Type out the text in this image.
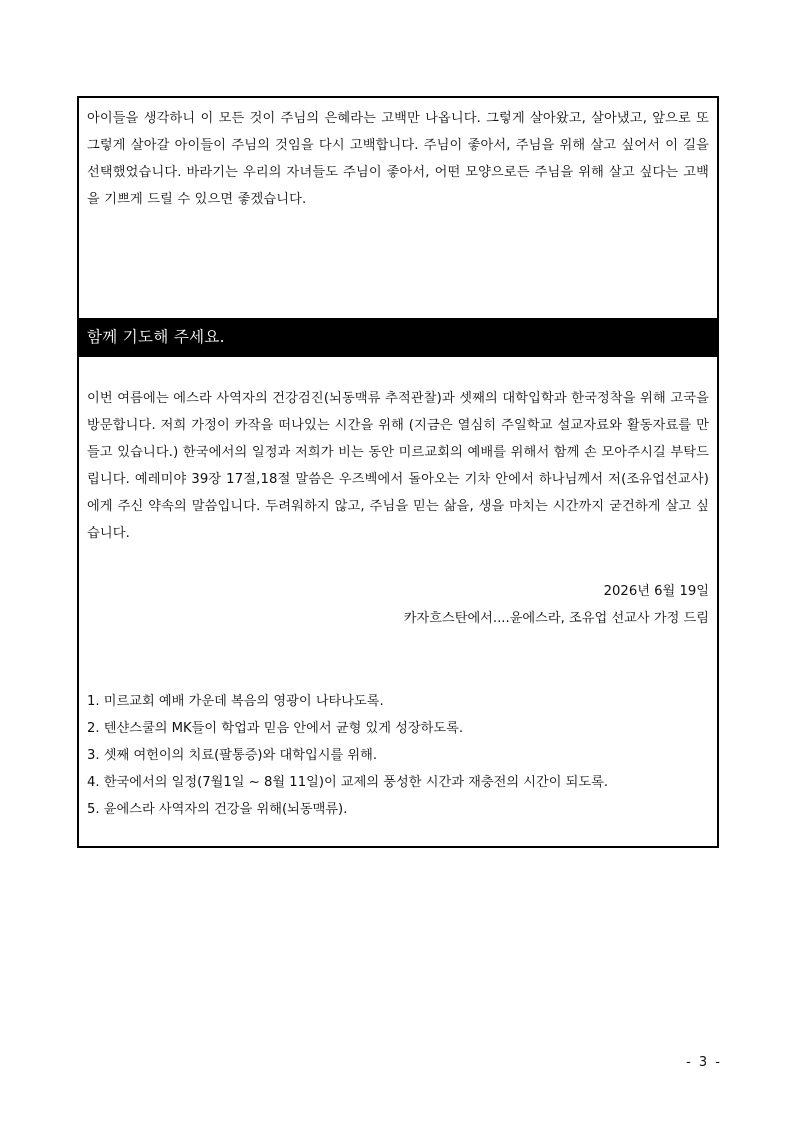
아이들을 생각하니 이 모든 것이 주님의 은혜라는 고백만 나옵니다. 그렇게 살아왔고, 살아냈고, 앞으로 또 그렇게 살아갈 아이들이 주님의 것임을 다시 고백합니다. 주님이 좋아서, 주님을 위해 살고 싶어서 이 길을 선택했었습니다. 바라기는 우리의 자녀들도 주님이 좋아서, 어떤 모양으로든 주님을 위해 살고 싶다는 고백을 기쁘게 드릴 수 있으면 좋겠습니다.

함께 기도해 주세요.

이번 여름에는 에스라 사역자의 건강검진(뇌동맥류 추적관찰)과 셋째의 대학입학과 한국정착을 위해 고국을 방문합니다. 저희 가정이 카작을 떠나있는 시간을 위해 (지금은 열심히 주일학교 설교자료와 활동자료를 만들고 있습니다.) 한국에서의 일정과 저희가 비는 동안 미르교회의 예배를 위해서 함께 손 모아주시길 부탁드립니다. 예레미야 39장 17절,18절 말씀은 우즈벡에서 돌아오는 기차 안에서 하나님께서 저(조유업선교사)에게 주신 약속의 말씀입니다. 두려워하지 않고, 주님을 믿는 삶을, 생을 마치는 시간까지 굳건하게 살고 싶습니다.

2026년 6월 19일
카자흐스탄에서....윤에스라, 조유업 선교사 가정 드림
1. 미르교회 예배 가운데 복음의 영광이 나타나도록.
2. 텐샨스쿨의 MK들이 학업과 믿음 안에서 균형 있게 성장하도록.
3. 셋째 여헌이의 치료(팔통증)와 대학입시를 위해.
4. 한국에서의 일정(7월1일 ~ 8월 11일)이 교제의 풍성한 시간과 재충전의 시간이 되도록.
5. 윤에스라 사역자의 건강을 위해(뇌동맥류).
- 3 -
